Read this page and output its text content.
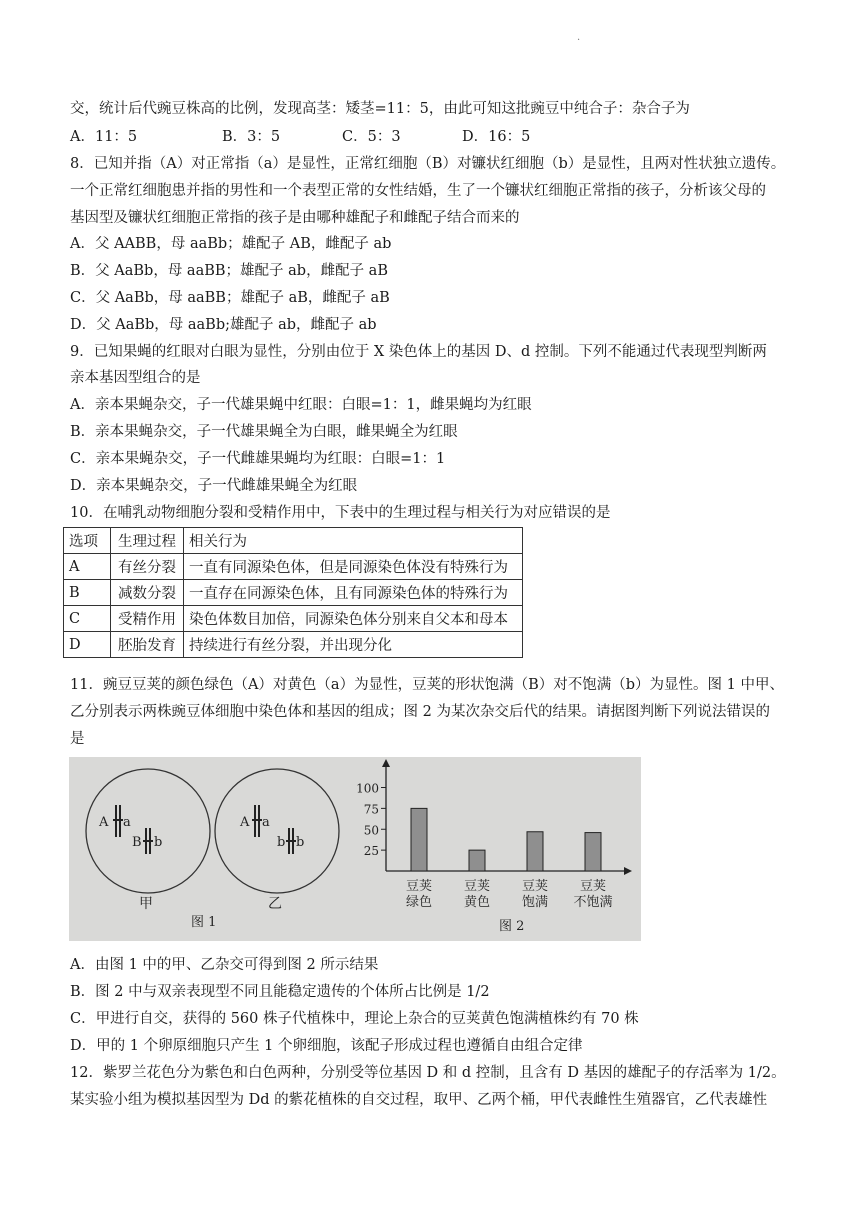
.
交，统计后代豌豆株高的比例，发现高茎：矮茎=11：5，由此可知这批豌豆中纯合子：杂合子为
A．11：5	B．3：5	C．5：3	D．16：5
8．已知并指（A）对正常指（a）是显性，正常红细胞（B）对镰状红细胞（b）是显性，且两对性状独立遗传。
一个正常红细胞患并指的男性和一个表型正常的女性结婚，生了一个镰状红细胞正常指的孩子，分析该父母的
基因型及镰状红细胞正常指的孩子是由哪种雄配子和雌配子结合而来的
A．父 AABB，母 aaBb；雄配子 AB，雌配子 ab
B．父 AaBb，母 aaBB；雄配子 ab，雌配子 aB
C．父 AaBb，母 aaBB；雄配子 aB，雌配子 aB
D．父 AaBb，母 aaBb;雄配子 ab，雌配子 ab
9．已知果蝇的红眼对白眼为显性，分别由位于 X 染色体上的基因 D、d 控制。下列不能通过代表现型判断两
亲本基因型组合的是
A．亲本果蝇杂交，子一代雄果蝇中红眼：白眼=1：1，雌果蝇均为红眼
B．亲本果蝇杂交，子一代雄果蝇全为白眼，雌果蝇全为红眼
C．亲本果蝇杂交，子一代雌雄果蝇均为红眼：白眼=1：1
D．亲本果蝇杂交，子一代雌雄果蝇全为红眼
10．在哺乳动物细胞分裂和受精作用中，下表中的生理过程与相关行为对应错误的是
选项	生理过程	相关行为
A	有丝分裂	一直有同源染色体，但是同源染色体没有特殊行为
B	减数分裂	一直存在同源染色体，且有同源染色体的特殊行为
C	受精作用	染色体数目加倍，同源染色体分别来自父本和母本
D	胚胎发育	持续进行有丝分裂，并出现分化
11．豌豆豆荚的颜色绿色（A）对黄色（a）为显性，豆荚的形状饱满（B）对不饱满（b）为显性。图 1 中甲、
乙分别表示两株豌豆体细胞中染色体和基因的组成；图 2 为某次杂交后代的结果。请据图判断下列说法错误的
是
A a
B b
甲
A a
b b
乙
图 1
100
75
50
25
豆荚
绿色
豆荚
黄色
豆荚
饱满
豆荚
不饱满
图 2
A．由图 1 中的甲、乙杂交可得到图 2 所示结果
B．图 2 中与双亲表现型不同且能稳定遗传的个体所占比例是 1/2
C．甲进行自交，获得的 560 株子代植株中，理论上杂合的豆荚黄色饱满植株约有 70 株
D．甲的 1 个卵原细胞只产生 1 个卵细胞，该配子形成过程也遵循自由组合定律
12．紫罗兰花色分为紫色和白色两种，分别受等位基因 D 和 d 控制，且含有 D 基因的雄配子的存活率为 1/2。
某实验小组为模拟基因型为 Dd 的紫花植株的自交过程，取甲、乙两个桶，甲代表雌性生殖器官，乙代表雄性
